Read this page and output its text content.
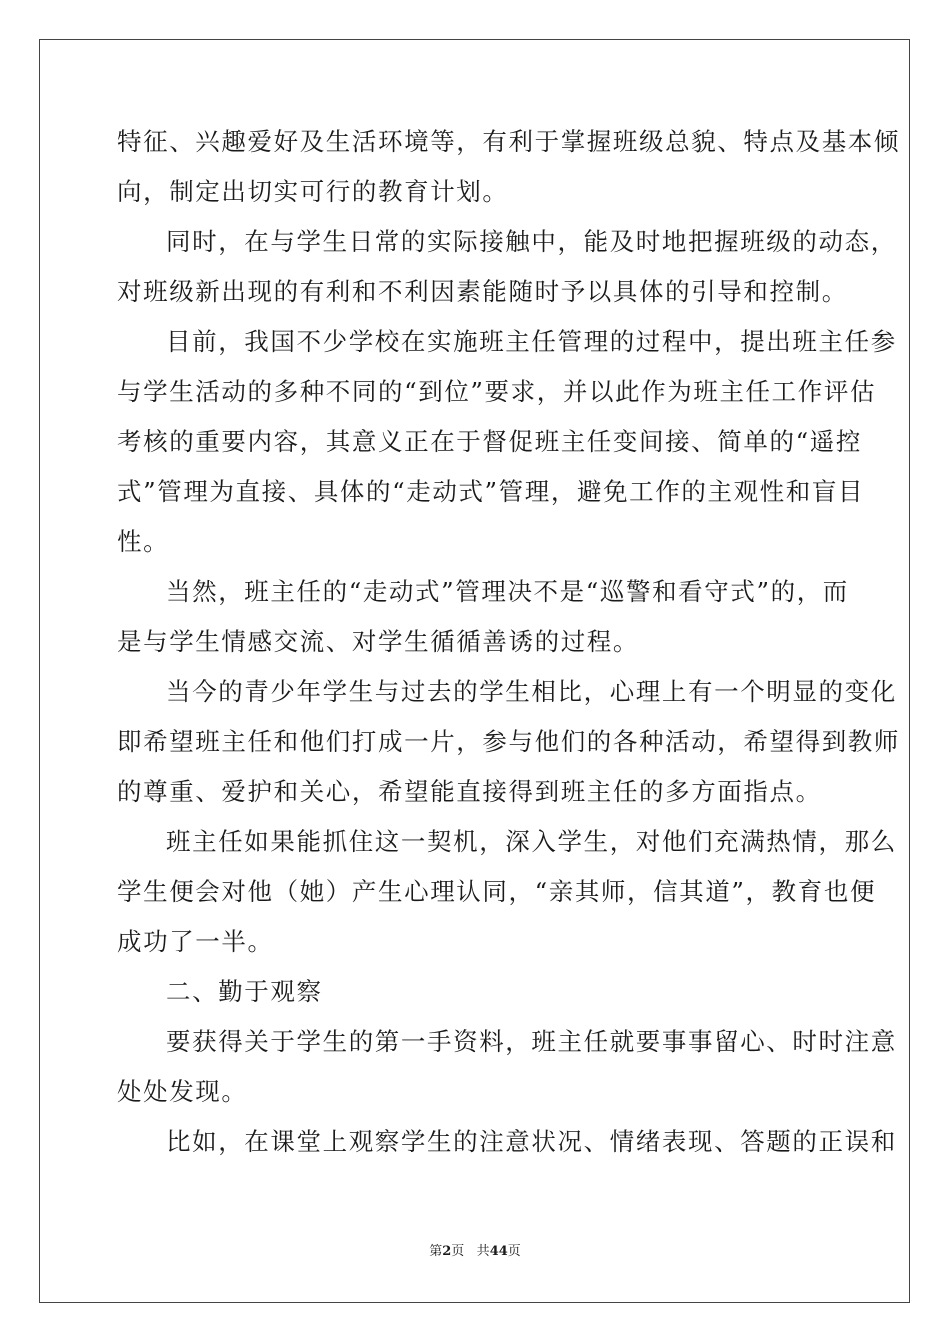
特征、兴趣爱好及生活环境等，有利于掌握班级总貌、特点及基本倾
向，制定出切实可行的教育计划。
同时，在与学生日常的实际接触中，能及时地把握班级的动态，
对班级新出现的有利和不利因素能随时予以具体的引导和控制。
目前，我国不少学校在实施班主任管理的过程中，提出班主任参
与学生活动的多种不同的“到位”要求，并以此作为班主任工作评估
考核的重要内容，其意义正在于督促班主任变间接、简单的“遥控
式”管理为直接、具体的“走动式”管理，避免工作的主观性和盲目
性。
当然，班主任的“走动式”管理决不是“巡警和看守式”的，而
是与学生情感交流、对学生循循善诱的过程。
当今的青少年学生与过去的学生相比，心理上有一个明显的变化
即希望班主任和他们打成一片，参与他们的各种活动，希望得到教师
的尊重、爱护和关心，希望能直接得到班主任的多方面指点。
班主任如果能抓住这一契机，深入学生，对他们充满热情，那么
学生便会对他（她）产生心理认同，“亲其师，信其道”，教育也便
成功了一半。
二、勤于观察
要获得关于学生的第一手资料，班主任就要事事留心、时时注意
处处发现。
比如，在课堂上观察学生的注意状况、情绪表现、答题的正误和
第2页 共44页
